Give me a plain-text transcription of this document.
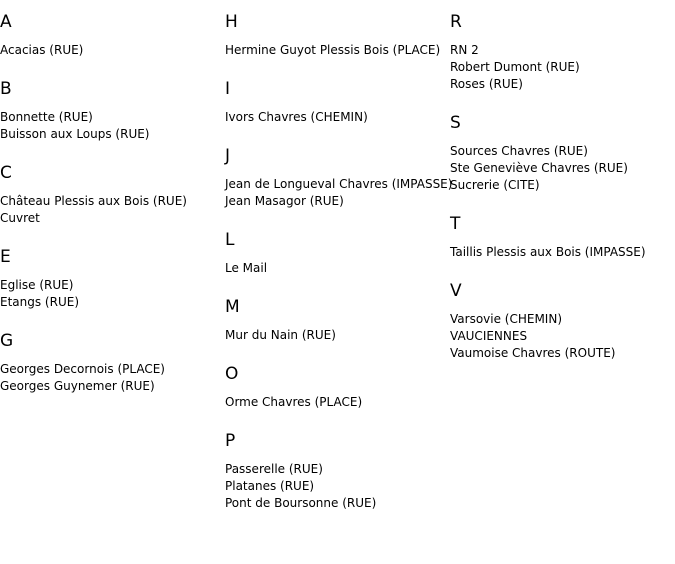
A
Acacias (RUE)
B
Bonnette (RUE)
Buisson aux Loups (RUE)
C
Château Plessis aux Bois (RUE)
Cuvret
E
Eglise (RUE)
Etangs (RUE)
G
Georges Decornois (PLACE)
Georges Guynemer (RUE)
H
Hermine Guyot Plessis Bois (PLACE)
I
Ivors Chavres (CHEMIN)
J
Jean de Longueval Chavres (IMPASSE)
Jean Masagor (RUE)
L
Le Mail
M
Mur du Nain (RUE)
O
Orme Chavres (PLACE)
P
Passerelle (RUE)
Platanes (RUE)
Pont de Boursonne (RUE)
R
RN 2
Robert Dumont (RUE)
Roses (RUE)
S
Sources Chavres (RUE)
Ste Geneviève Chavres (RUE)
Sucrerie (CITE)
T
Taillis Plessis aux Bois (IMPASSE)
V
Varsovie (CHEMIN)
VAUCIENNES
Vaumoise Chavres (ROUTE)
